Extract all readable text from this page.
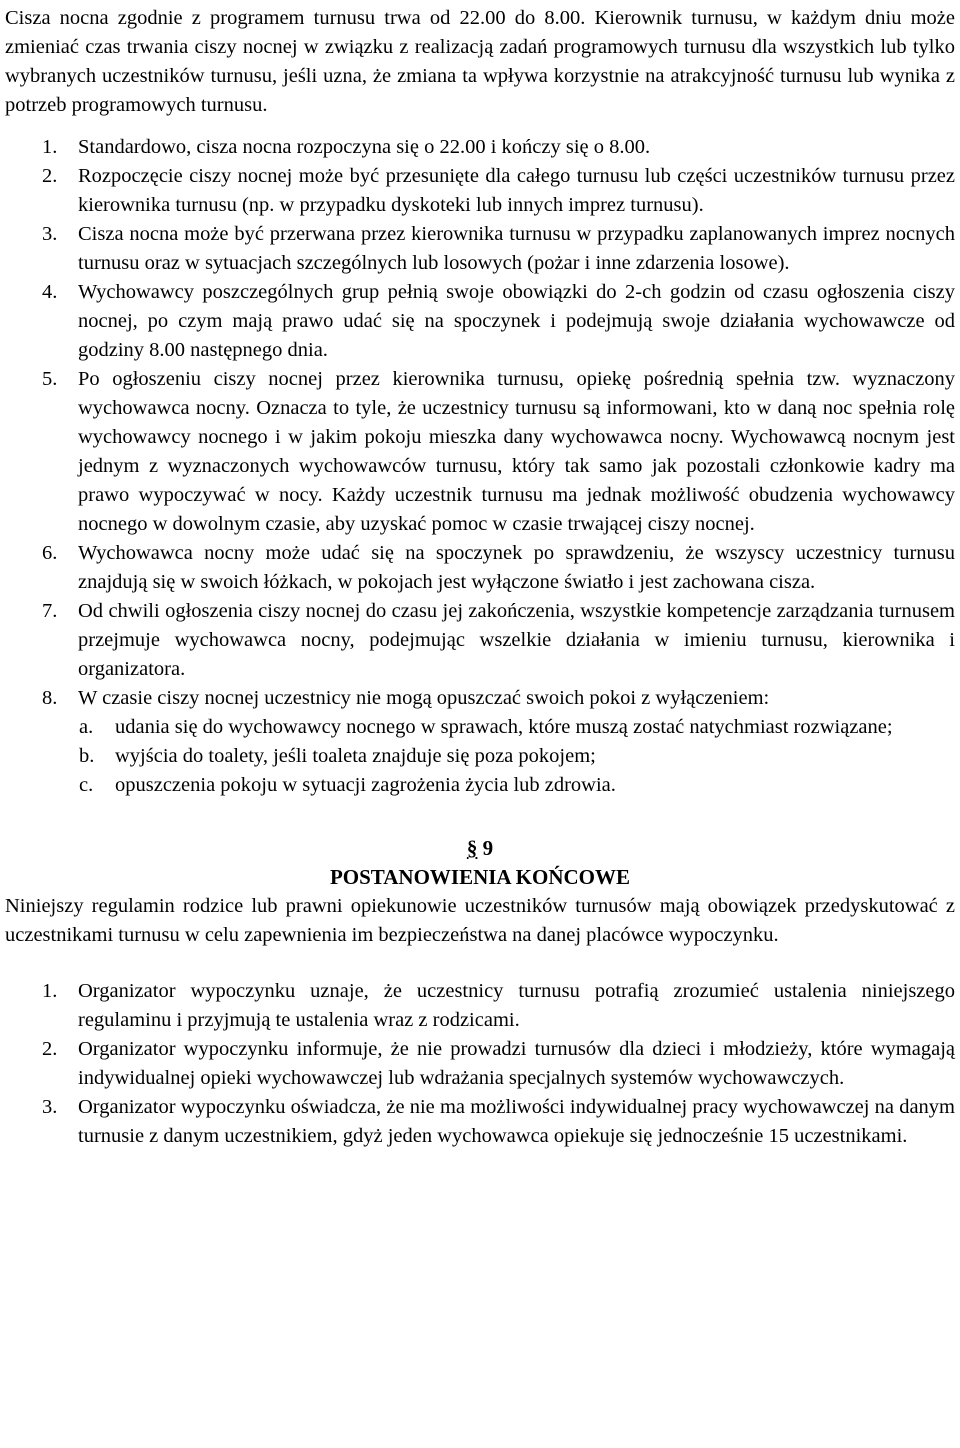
Cisza nocna zgodnie z programem turnusu trwa od 22.00 do 8.00. Kierownik turnusu, w każdym dniu może zmieniać czas trwania ciszy nocnej w związku z realizacją zadań programowych turnusu dla wszystkich lub tylko wybranych uczestników turnusu, jeśli uzna, że zmiana ta wpływa korzystnie na atrakcyjność turnusu lub wynika z potrzeb programowych turnusu.

1. Standardowo, cisza nocna rozpoczyna się o 22.00 i kończy się o 8.00.
2. Rozpoczęcie ciszy nocnej może być przesunięte dla całego turnusu lub części uczestników turnusu przez kierownika turnusu (np. w przypadku dyskoteki lub innych imprez turnusu).
3. Cisza nocna może być przerwana przez kierownika turnusu w przypadku zaplanowanych imprez nocnych turnusu oraz w sytuacjach szczególnych lub losowych (pożar i inne zdarzenia losowe).
4. Wychowawcy poszczególnych grup pełnią swoje obowiązki do 2-ch godzin od czasu ogłoszenia ciszy nocnej, po czym mają prawo udać się na spoczynek i podejmują swoje działania wychowawcze od godziny 8.00 następnego dnia.
5. Po ogłoszeniu ciszy nocnej przez kierownika turnusu, opiekę pośrednią spełnia tzw. wyznaczony wychowawca nocny. Oznacza to tyle, że uczestnicy turnusu są informowani, kto w daną noc spełnia rolę wychowawcy nocnego i w jakim pokoju mieszka dany wychowawca nocny. Wychowawcą nocnym jest jednym z wyznaczonych wychowawców turnusu, który tak samo jak pozostali członkowie kadry ma prawo wypoczywać w nocy. Każdy uczestnik turnusu ma jednak możliwość obudzenia wychowawcy nocnego w dowolnym czasie, aby uzyskać pomoc w czasie trwającej ciszy nocnej.
6. Wychowawca nocny może udać się na spoczynek po sprawdzeniu, że wszyscy uczestnicy turnusu znajdują się w swoich łóżkach, w pokojach jest wyłączone światło i jest zachowana cisza.
7. Od chwili ogłoszenia ciszy nocnej do czasu jej zakończenia, wszystkie kompetencje zarządzania turnusem przejmuje wychowawca nocny, podejmując wszelkie działania w imieniu turnusu, kierownika i organizatora.
8. W czasie ciszy nocnej uczestnicy nie mogą opuszczać swoich pokoi z wyłączeniem:
a. udania się do wychowawcy nocnego w sprawach, które muszą zostać natychmiast rozwiązane;
b. wyjścia do toalety, jeśli toaleta znajduje się poza pokojem;
c. opuszczenia pokoju w sytuacji zagrożenia życia lub zdrowia.

§ 9

POSTANOWIENIA KOŃCOWE

Niniejszy regulamin rodzice lub prawni opiekunowie uczestników turnusów mają obowiązek przedyskutować z uczestnikami turnusu w celu zapewnienia im bezpieczeństwa na danej placówce wypoczynku.

1. Organizator wypoczynku uznaje, że uczestnicy turnusu potrafią zrozumieć ustalenia niniejszego regulaminu i przyjmują te ustalenia wraz z rodzicami.
2. Organizator wypoczynku informuje, że nie prowadzi turnusów dla dzieci i młodzieży, które wymagają indywidualnej opieki wychowawczej lub wdrażania specjalnych systemów wychowawczych.
3. Organizator wypoczynku oświadcza, że nie ma możliwości indywidualnej pracy wychowawczej na danym turnusie z danym uczestnikiem, gdyż jeden wychowawca opiekuje się jednocześnie 15 uczestnikami.
